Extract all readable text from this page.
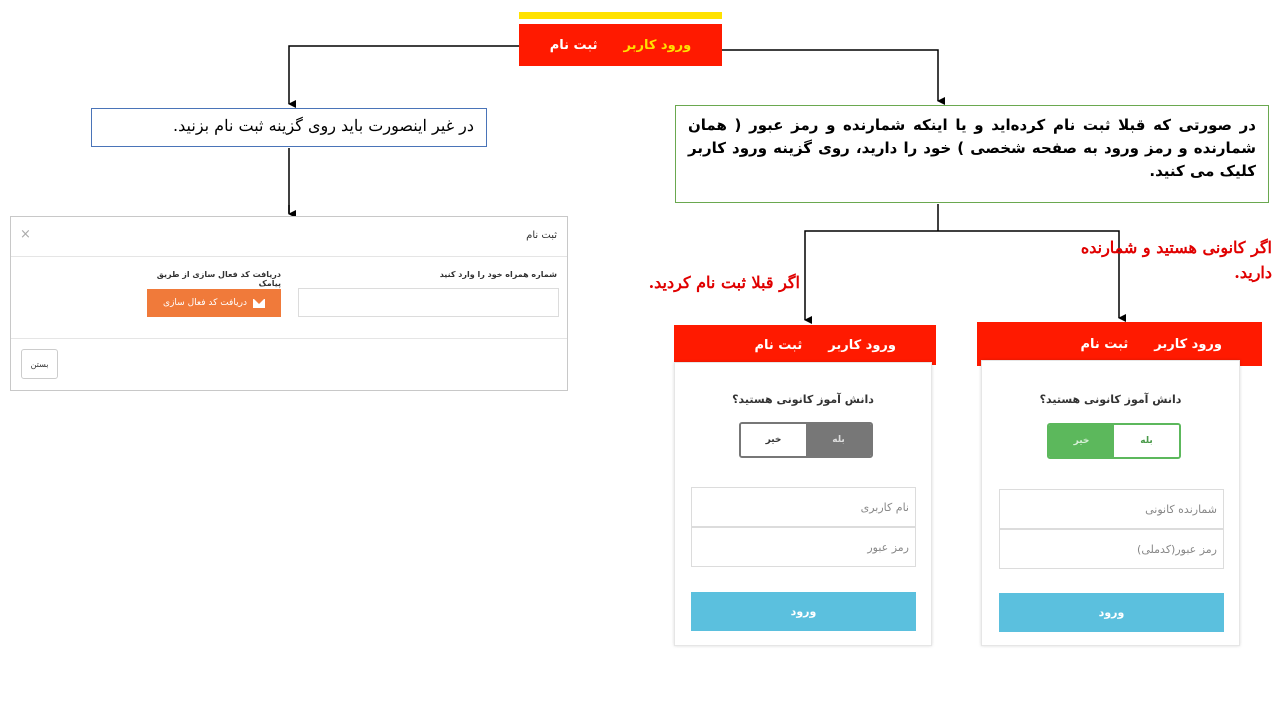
ورود کاربر
ثبت نام
در غیر اینصورت باید روی گزینه ثبت نام بزنید.	در صورتی که قبلا ثبت نام کرده‌اید و یا اینکه شمارنده و رمز عبور ( همان شمارنده و رمز ورود به صفحه شخصی ) خود را دارید، روی گزینه ورود کاربر کلیک می کنید.
اگر کانونی هستید و شمارنده دارید.
اگر قبلا ثبت نام کردید.
ثبت نام
×
شماره همراه خود را وارد کنید
دریافت کد فعال سازی از طریق پیامک
دریافت کد فعال سازی
بستن
ورود کاربر
ثبت نام
دانش آموز کانونی هستید؟
بله
خیر
نام کاربری
رمز عبور
ورود
ورود کاربر
ثبت نام
دانش آموز کانونی هستید؟
بله
خیر
شمارنده کانونی
رمز عبور(کدملی)
ورود
